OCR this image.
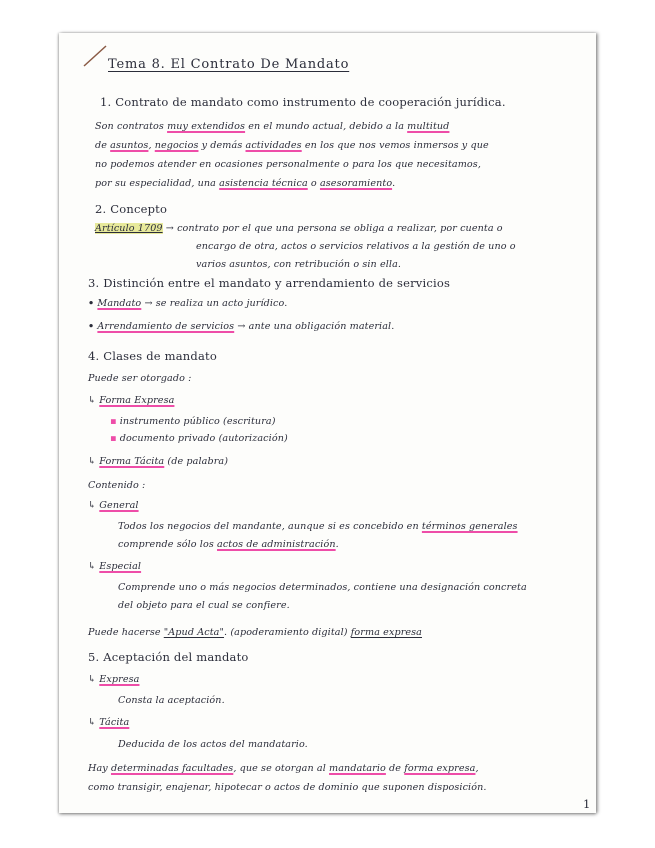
Tema 8. El Contrato De Mandato
1. Contrato de mandato como instrumento de cooperación jurídica.
Son contratos muy extendidos en el mundo actual, debido a la multitud
de asuntos, negocios y demás actividades en los que nos vemos inmersos y que
no podemos atender en ocasiones personalmente o para los que necesitamos,
por su especialidad, una asistencia técnica o asesoramiento.
2. Concepto
Artículo 1709 → contrato por el que una persona se obliga a realizar, por cuenta o
encargo de otra, actos o servicios relativos a la gestión de uno o
varios asuntos, con retribución o sin ella.
3. Distinción entre el mandato y arrendamiento de servicios
• Mandato → se realiza un acto jurídico.
• Arrendamiento de servicios → ante una obligación material.
4. Clases de mandato
Puede ser otorgado :
↳ Forma Expresa
▪ instrumento público (escritura)
▪ documento privado (autorización)
↳ Forma Tácita (de palabra)
Contenido :
↳ General
Todos los negocios del mandante, aunque si es concebido en términos generales
comprende sólo los actos de administración.
↳ Especial
Comprende uno o más negocios determinados, contiene una designación concreta
del objeto para el cual se confiere.
Puede hacerse "Apud Acta". (apoderamiento digital) forma expresa
5. Aceptación del mandato
↳ Expresa
Consta la aceptación.
↳ Tácita
Deducida de los actos del mandatario.
Hay determinadas facultades, que se otorgan al mandatario de forma expresa,
como transigir, enajenar, hipotecar o actos de dominio que suponen disposición.
1
